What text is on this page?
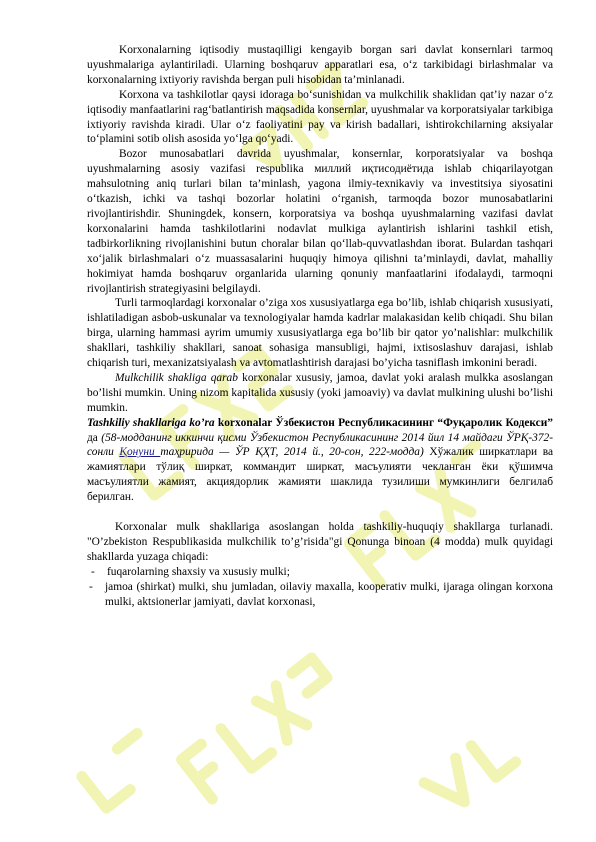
Korxonalarning iqtisodiy mustaqilligi kengayib borgan sari davlat konsernlari tarmoq uyushmalariga aylantiriladi. Ularning boshqaruv apparatlari esa, o‘z tarkibidagi birlashmalar va korxonalarning ixtiyoriy ravishda bergan puli hisobidan ta’minlanadi.

Korxona va tashkilotlar qaysi idoraga bo‘sunishidan va mulkchilik shaklidan qat’iy nazar o‘z iqtisodiy manfaatlarini rag‘batlantirish maqsadida konsernlar, uyushmalar va korporatsiyalar tarkibiga ixtiyoriy ravishda kiradi. Ular o‘z faoliyatini pay va kirish badallari, ishtirokchilarning aksiyalar to‘plamini sotib olish asosida yo‘lga qo‘yadi.

Bozor munosabatlari davrida uyushmalar, konsernlar, korporatsiyalar va boshqa uyushmalarning asosiy vazifasi respublika миллий иқтисодиётида ishlab chiqarilayotgan mahsulotning aniq turlari bilan ta’minlash, yagona ilmiy-texnikaviy va investitsiya siyosatini o‘tkazish, ichki va tashqi bozorlar holatini o‘rganish, tarmoqda bozor munosabatlarini rivojlantirishdir. Shuningdek, konsern, korporatsiya va boshqa uyushmalarning vazifasi davlat korxonalarini hamda tashkilotlarini nodavlat mulkiga aylantirish ishlarini tashkil etish, tadbirkorlikning rivojlanishini butun choralar bilan qo‘llab-quvvatlashdan iborat. Bulardan tashqari xo‘jalik birlashmalari o‘z muassasalarini huquqiy himoya qilishni ta’minlaydi, davlat, mahalliy hokimiyat hamda boshqaruv organlarida ularning qonuniy manfaatlarini ifodalaydi, tarmoqni rivojlantirish strategiyasini belgilaydi.

Turli tarmoqlardagi korxonalar o’ziga xos xususiyatlarga ega bo’lib, ishlab chiqarish xususiyati, ishlatiladigan asbob-uskunalar va texnologiyalar hamda kadrlar malakasidan kelib chiqadi. Shu bilan birga, ularning hammasi ayrim umumiy xususiyatlarga ega bo’lib bir qator yo’nalishlar: mulkchilik shakllari, tashkiliy shakllari, sanoat sohasiga mansubligi, hajmi, ixtisoslashuv darajasi, ishlab chiqarish turi, mexanizatsiyalash va avtomatlashtirish darajasi bo’yicha tasniflash imkonini beradi.

Mulkchilik shakliga qarab korxonalar xususiy, jamoa, davlat yoki aralash mulkka asoslangan bo’lishi mumkin. Uning nizom kapitalida xususiy (yoki jamoaviy) va davlat mulkining ulushi bo’lishi mumkin.

Tashkiliy shakllariga ko’ra korxonalar Ўзбекистон Республикасининг “Фуқаролик Кодекси” да (58-модданинг иккинчи қисми Ўзбекистон Республикасининг 2014 йил 14 майдаги ЎРҚ-372-сонли Қонуни таҳририда — ЎР ҚҲТ, 2014 й., 20-сон, 222-модда) Хўжалик ширкатлари ва жамиятлари тўлиқ ширкат, коммандит ширкат, масъулияти чекланган ёки қўшимча масъулиятли жамият, акциядорлик жамияти шаклида тузилиши мумкинлиги белгилаб берилган.

Korxonalar mulk shakllariga asoslangan holda tashkiliy-huquqiy shakllarga turlanadi. "O’zbekiston Respublikasida mulkchilik to’g’risida"gi Qonunga binoan (4 modda) mulk quyidagi shakllarda yuzaga chiqadi:

- fuqarolarning shaxsiy va xususiy mulki;
- jamoa (shirkat) mulki, shu jumladan, oilaviy maxalla, kooperativ mulki, ijaraga olingan korxona mulki, aktsionerlar jamiyati, davlat korxonasi,
